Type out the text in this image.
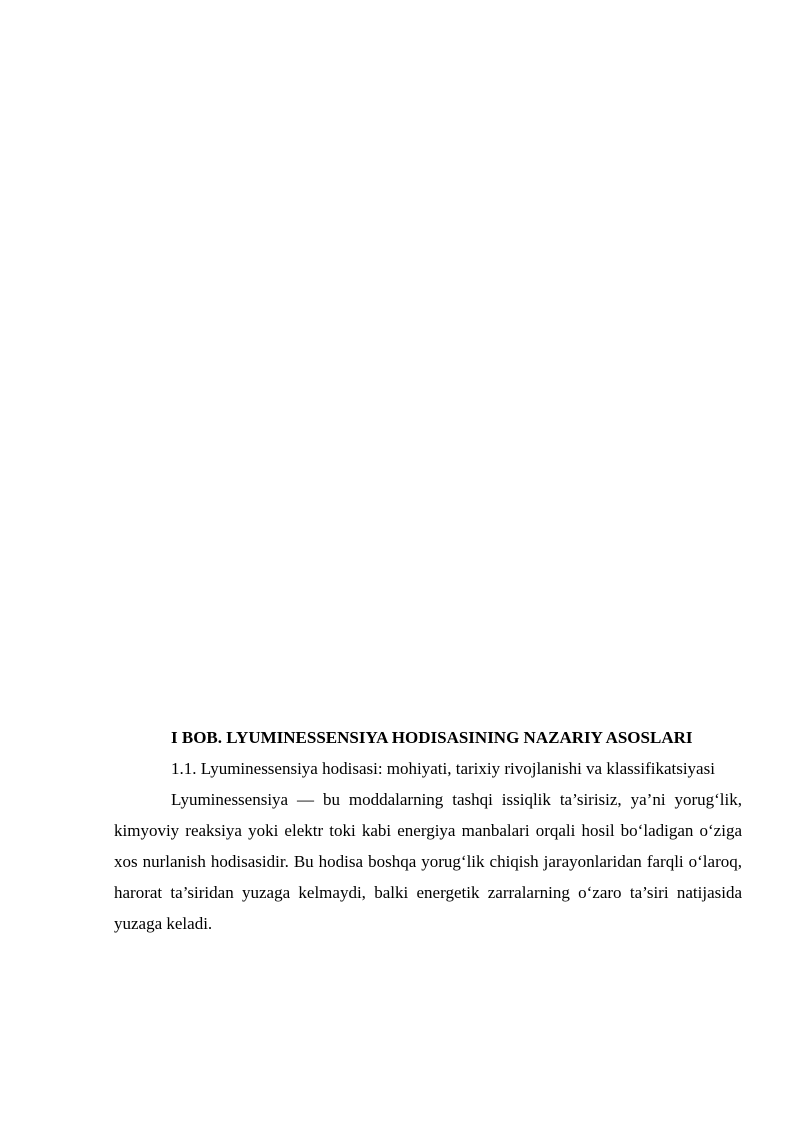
I BOB. LYUMINESSENSIYA HODISASINING NAZARIY ASOSLARI

1.1. Lyuminessensiya hodisasi: mohiyati, tarixiy rivojlanishi va klassifikatsiyasi

Lyuminessensiya — bu moddalarning tashqi issiqlik ta’sirisiz, ya’ni yorug‘lik, kimyoviy reaksiya yoki elektr toki kabi energiya manbalari orqali hosil bo‘ladigan o‘ziga xos nurlanish hodisasidir. Bu hodisa boshqa yorug‘lik chiqish jarayonlaridan farqli o‘laroq, harorat ta’siridan yuzaga kelmaydi, balki energetik zarralarning o‘zaro ta’siri natijasida yuzaga keladi.
